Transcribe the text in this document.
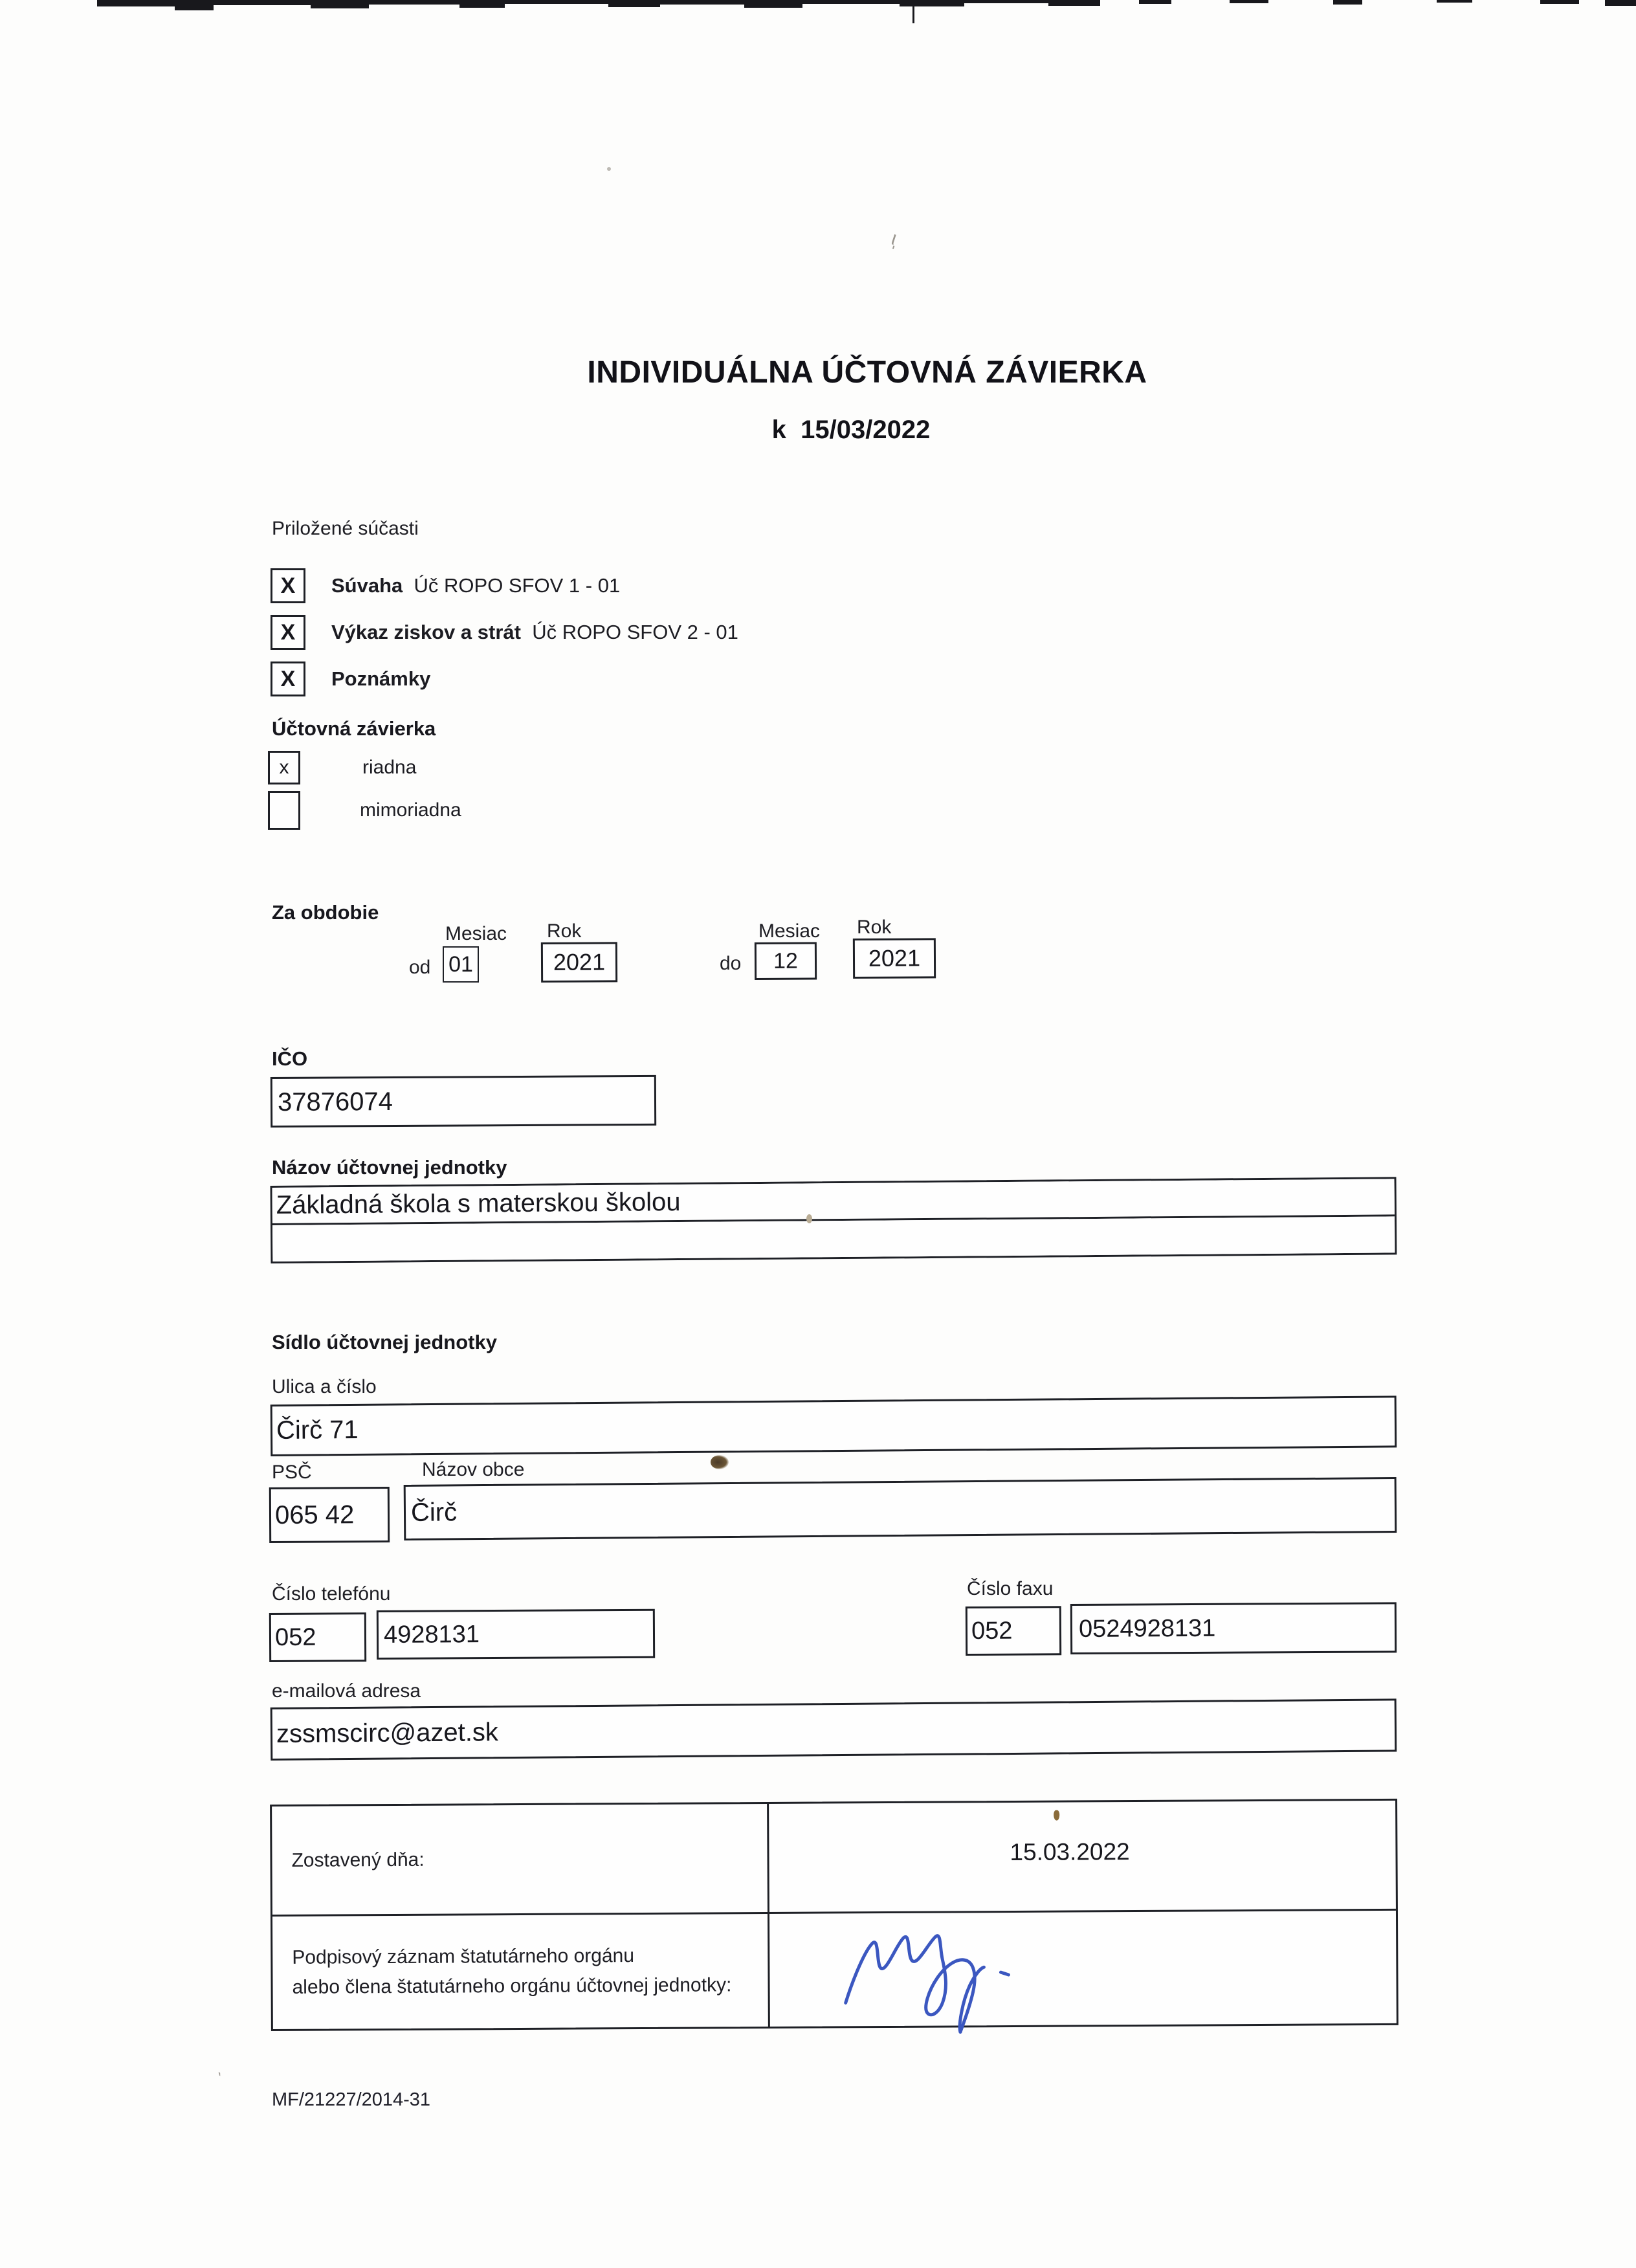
ι̩
INDIVIDUÁLNA ÚČTOVNÁ ZÁVIERKA
k 15/03/2022
Priložené súčasti
X	Súvaha Úč ROPO SFOV 1 - 01
X	Výkaz ziskov a strát Úč ROPO SFOV 2 - 01
X	Poznámky
Účtovná závierka
x	riadna
mimoriadna
Za obdobie
Mesiac Rok
od 01	2021
Mesiac Rok
do	12	2021
IČO
37876074
Názov účtovnej jednotky
Základná škola s materskou školou
Sídlo účtovnej jednotky
Ulica a číslo
Čirč 71
PSČ	Názov obce
065 42	Čirč
Číslo telefónu	Číslo faxu
052	4928131	052	0524928131
e-mailová adresa
zssmscirc@azet.sk
Zostavený dňa:	15.03.2022
Podpisový záznam štatutárneho orgánu
alebo člena štatutárneho orgánu účtovnej jednotky:
MF/21227/2014-31
`
